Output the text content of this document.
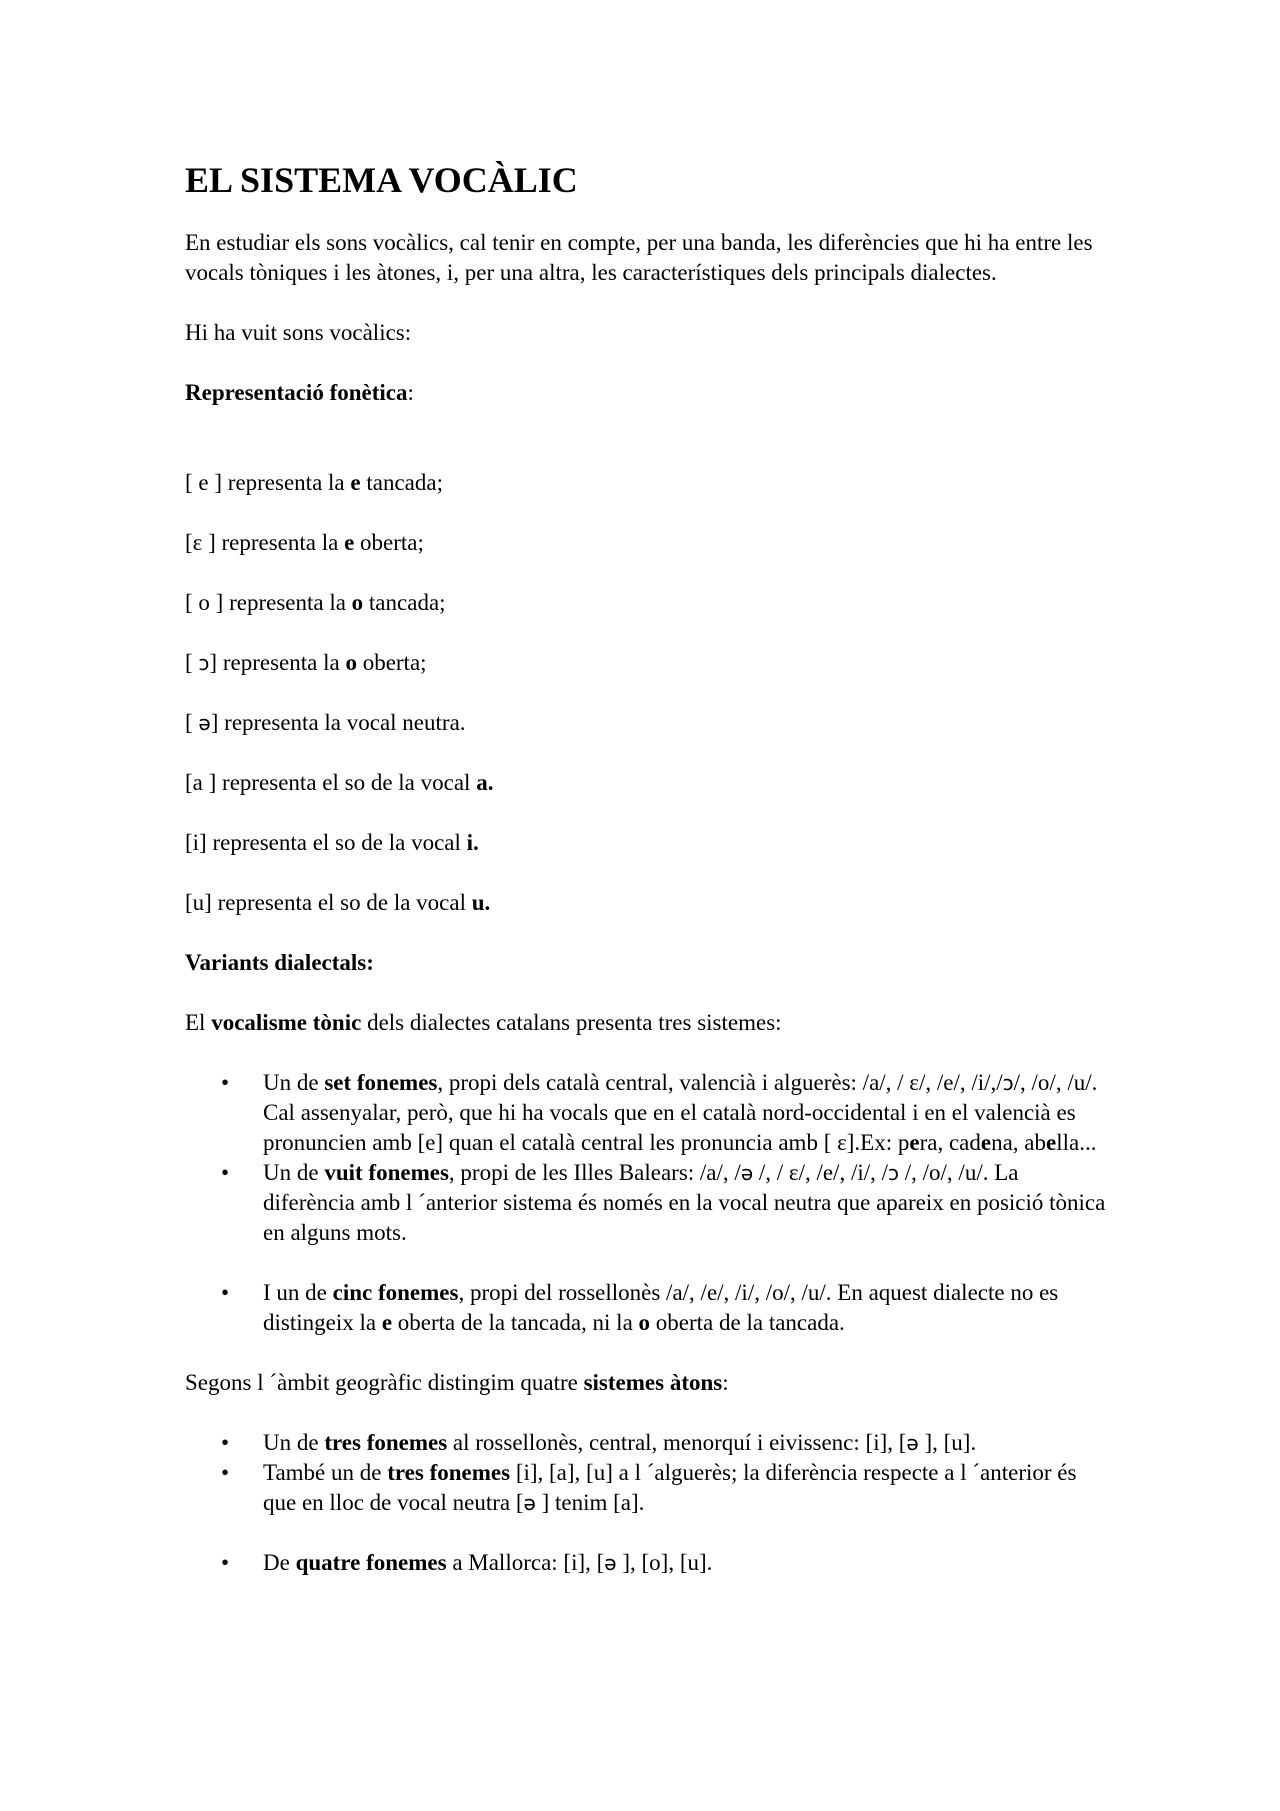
EL SISTEMA VOCÀLIC

En estudiar els sons vocàlics, cal tenir en compte, per una banda, les diferències que hi ha entre les vocals tòniques i les àtones, i, per una altra, les característiques dels principals dialectes.

Hi ha vuit sons vocàlics:

Representació fonètica:

[ e ] representa la e tancada;

[ε ] representa la e oberta;

[ o ] representa la o tancada;

[ ɔ] representa la o oberta;

[ ə] representa la vocal neutra.

[a ] representa el so de la vocal a.

[i] representa el so de la vocal i.

[u] representa el so de la vocal u.

Variants dialectals:

El vocalisme tònic dels dialectes catalans presenta tres sistemes:

• Un de set fonemes, propi dels català central, valencià i alguerès: /a/, / ε/, /e/, /i/,/ɔ/, /o/, /u/. Cal assenyalar, però, que hi ha vocals que en el català nord-occidental i en el valencià es pronuncien amb [e] quan el català central les pronuncia amb [ ε].Ex: pera, cadena, abella...
• Un de vuit fonemes, propi de les Illes Balears: /a/, /ə /, / ε/, /e/, /i/, /ɔ /, /o/, /u/. La diferència amb l ´anterior sistema és només en la vocal neutra que apareix en posició tònica en alguns mots.
• I un de cinc fonemes, propi del rossellonès /a/, /e/, /i/, /o/, /u/. En aquest dialecte no es distingeix la e oberta de la tancada, ni la o oberta de la tancada.

Segons l ´àmbit geogràfic distingim quatre sistemes àtons:

• Un de tres fonemes al rossellonès, central, menorquí i eivissenc: [i], [ə ], [u].
• També un de tres fonemes [i], [a], [u] a l ´alguerès; la diferència respecte a l ´anterior és que en lloc de vocal neutra [ə ] tenim [a].
• De quatre fonemes a Mallorca: [i], [ə ], [o], [u].
